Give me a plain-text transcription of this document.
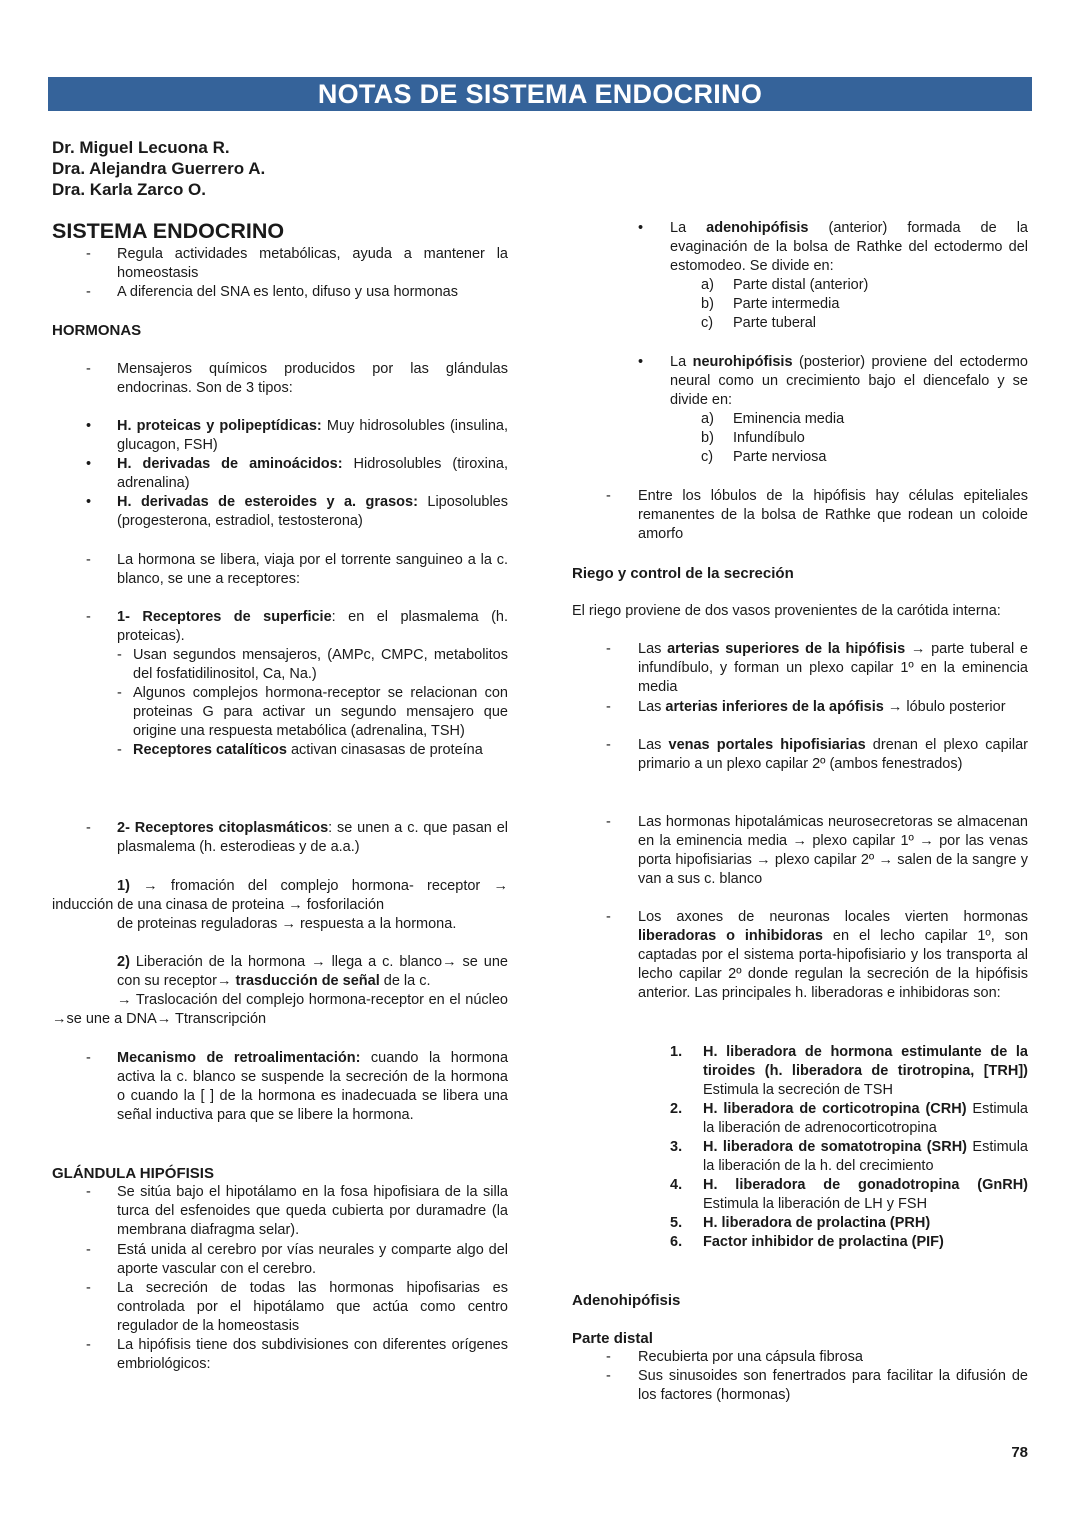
NOTAS DE SISTEMA ENDOCRINO
Dr. Miguel Lecuona R.
Dra. Alejandra Guerrero A.
Dra. Karla Zarco O.
SISTEMA ENDOCRINO
- Regula actividades metabólicas, ayuda a mantener la homeostasis
- A diferencia del SNA es lento, difuso y usa hormonas
HORMONAS
- Mensajeros químicos producidos por las glándulas endocrinas. Son de 3 tipos:
• H. proteicas y polipeptídicas: Muy hidrosolubles (insulina, glucagon, FSH)
• H. derivadas de aminoácidos: Hidrosolubles (tiroxina, adrenalina)
• H. derivadas de esteroides y a. grasos: Liposolubles (progesterona, estradiol, testosterona)
- La hormona se libera, viaja por el torrente sanguineo a la c. blanco, se une a receptores:
- 1- Receptores de superficie: en el plasmalema (h. proteicas).
- Usan segundos mensajeros, (AMPc, CMPC, metabolitos del fosfatidilinositol, Ca, Na.)
- Algunos complejos hormona-receptor se relacionan con proteinas G para activar un segundo mensajero que origine una respuesta metabólica (adrenalina, TSH)
- Receptores catalíticos activan cinasasas de proteína
- 2- Receptores citoplasmáticos: se unen a c. que pasan el plasmalema (h. esterodieas y de a.a.)
1) → fromación del complejo hormona- receptor → inducción de una cinasa de proteina → fosforilación
de proteinas reguladoras → respuesta a la hormona.
2) Liberación de la hormona → llega a c. blanco→ se une con su receptor→ trasducción de señal de la c.
→ Traslocación del complejo hormona-receptor en el núcleo →se une a DNA→ Ttranscripción
- Mecanismo de retroalimentación: cuando la hormona activa la c. blanco se suspende la secreción de la hormona o cuando la [ ] de la hormona es inadecuada se libera una señal inductiva para que se libere la hormona.
GLÁNDULA HIPÓFISIS
- Se sitúa bajo el hipotálamo en la fosa hipofisiara de la silla turca del esfenoides que queda cubierta por duramadre (la membrana diafragma selar).
- Está unida al cerebro por vías neurales y comparte algo del aporte vascular con el cerebro.
- La secreción de todas las hormonas hipofisarias es controlada por el hipotálamo que actúa como centro regulador de la homeostasis
- La hipófisis tiene dos subdivisiones con diferentes orígenes embriológicos:
• La adenohipófisis (anterior) formada de la evaginación de la bolsa de Rathke del ectodermo del estomodeo. Se divide en:
a) Parte distal (anterior)
b) Parte intermedia
c) Parte tuberal
• La neurohipófisis (posterior) proviene del ectodermo neural como un crecimiento bajo el diencefalo y se divide en:
a) Eminencia media
b) Infundíbulo
c) Parte nerviosa
- Entre los lóbulos de la hipófisis hay células epiteliales remanentes de la bolsa de Rathke que rodean un coloide amorfo
Riego y control de la secreción
El riego proviene de dos vasos provenientes de la carótida interna:
- Las arterias superiores de la hipófisis → parte tuberal e infundíbulo, y forman un plexo capilar 1º en la eminencia media
- Las arterias inferiores de la apófisis → lóbulo posterior
- Las venas portales hipofisiarias drenan el plexo capilar primario a un plexo capilar 2º (ambos fenestrados)
- Las hormonas hipotalámicas neurosecretoras se almacenan en la eminencia media → plexo capilar 1º → por las venas porta hipofisiarias → plexo capilar 2º → salen de la sangre y van a sus c. blanco
- Los axones de neuronas locales vierten hormonas liberadoras o inhibidoras en el lecho capilar 1º, son captadas por el sistema porta-hipofisiario y los transporta al lecho capilar 2º donde regulan la secreción de la hipófisis anterior. Las principales h. liberadoras e inhibidoras son:
1. H. liberadora de hormona estimulante de la tiroides (h. liberadora de tirotropina, [TRH]) Estimula la secreción de TSH
2. H. liberadora de corticotropina (CRH) Estimula la liberación de adrenocorticotropina
3. H. liberadora de somatotropina (SRH) Estimula la liberación de la h. del crecimiento
4. H. liberadora de gonadotropina (GnRH) Estimula la liberación de LH y FSH
5. H. liberadora de prolactina (PRH)
6. Factor inhibidor de prolactina (PIF)
Adenohipófisis
Parte distal
- Recubierta por una cápsula fibrosa
- Sus sinusoides son fenertrados para facilitar la difusión de los factores (hormonas)
78
